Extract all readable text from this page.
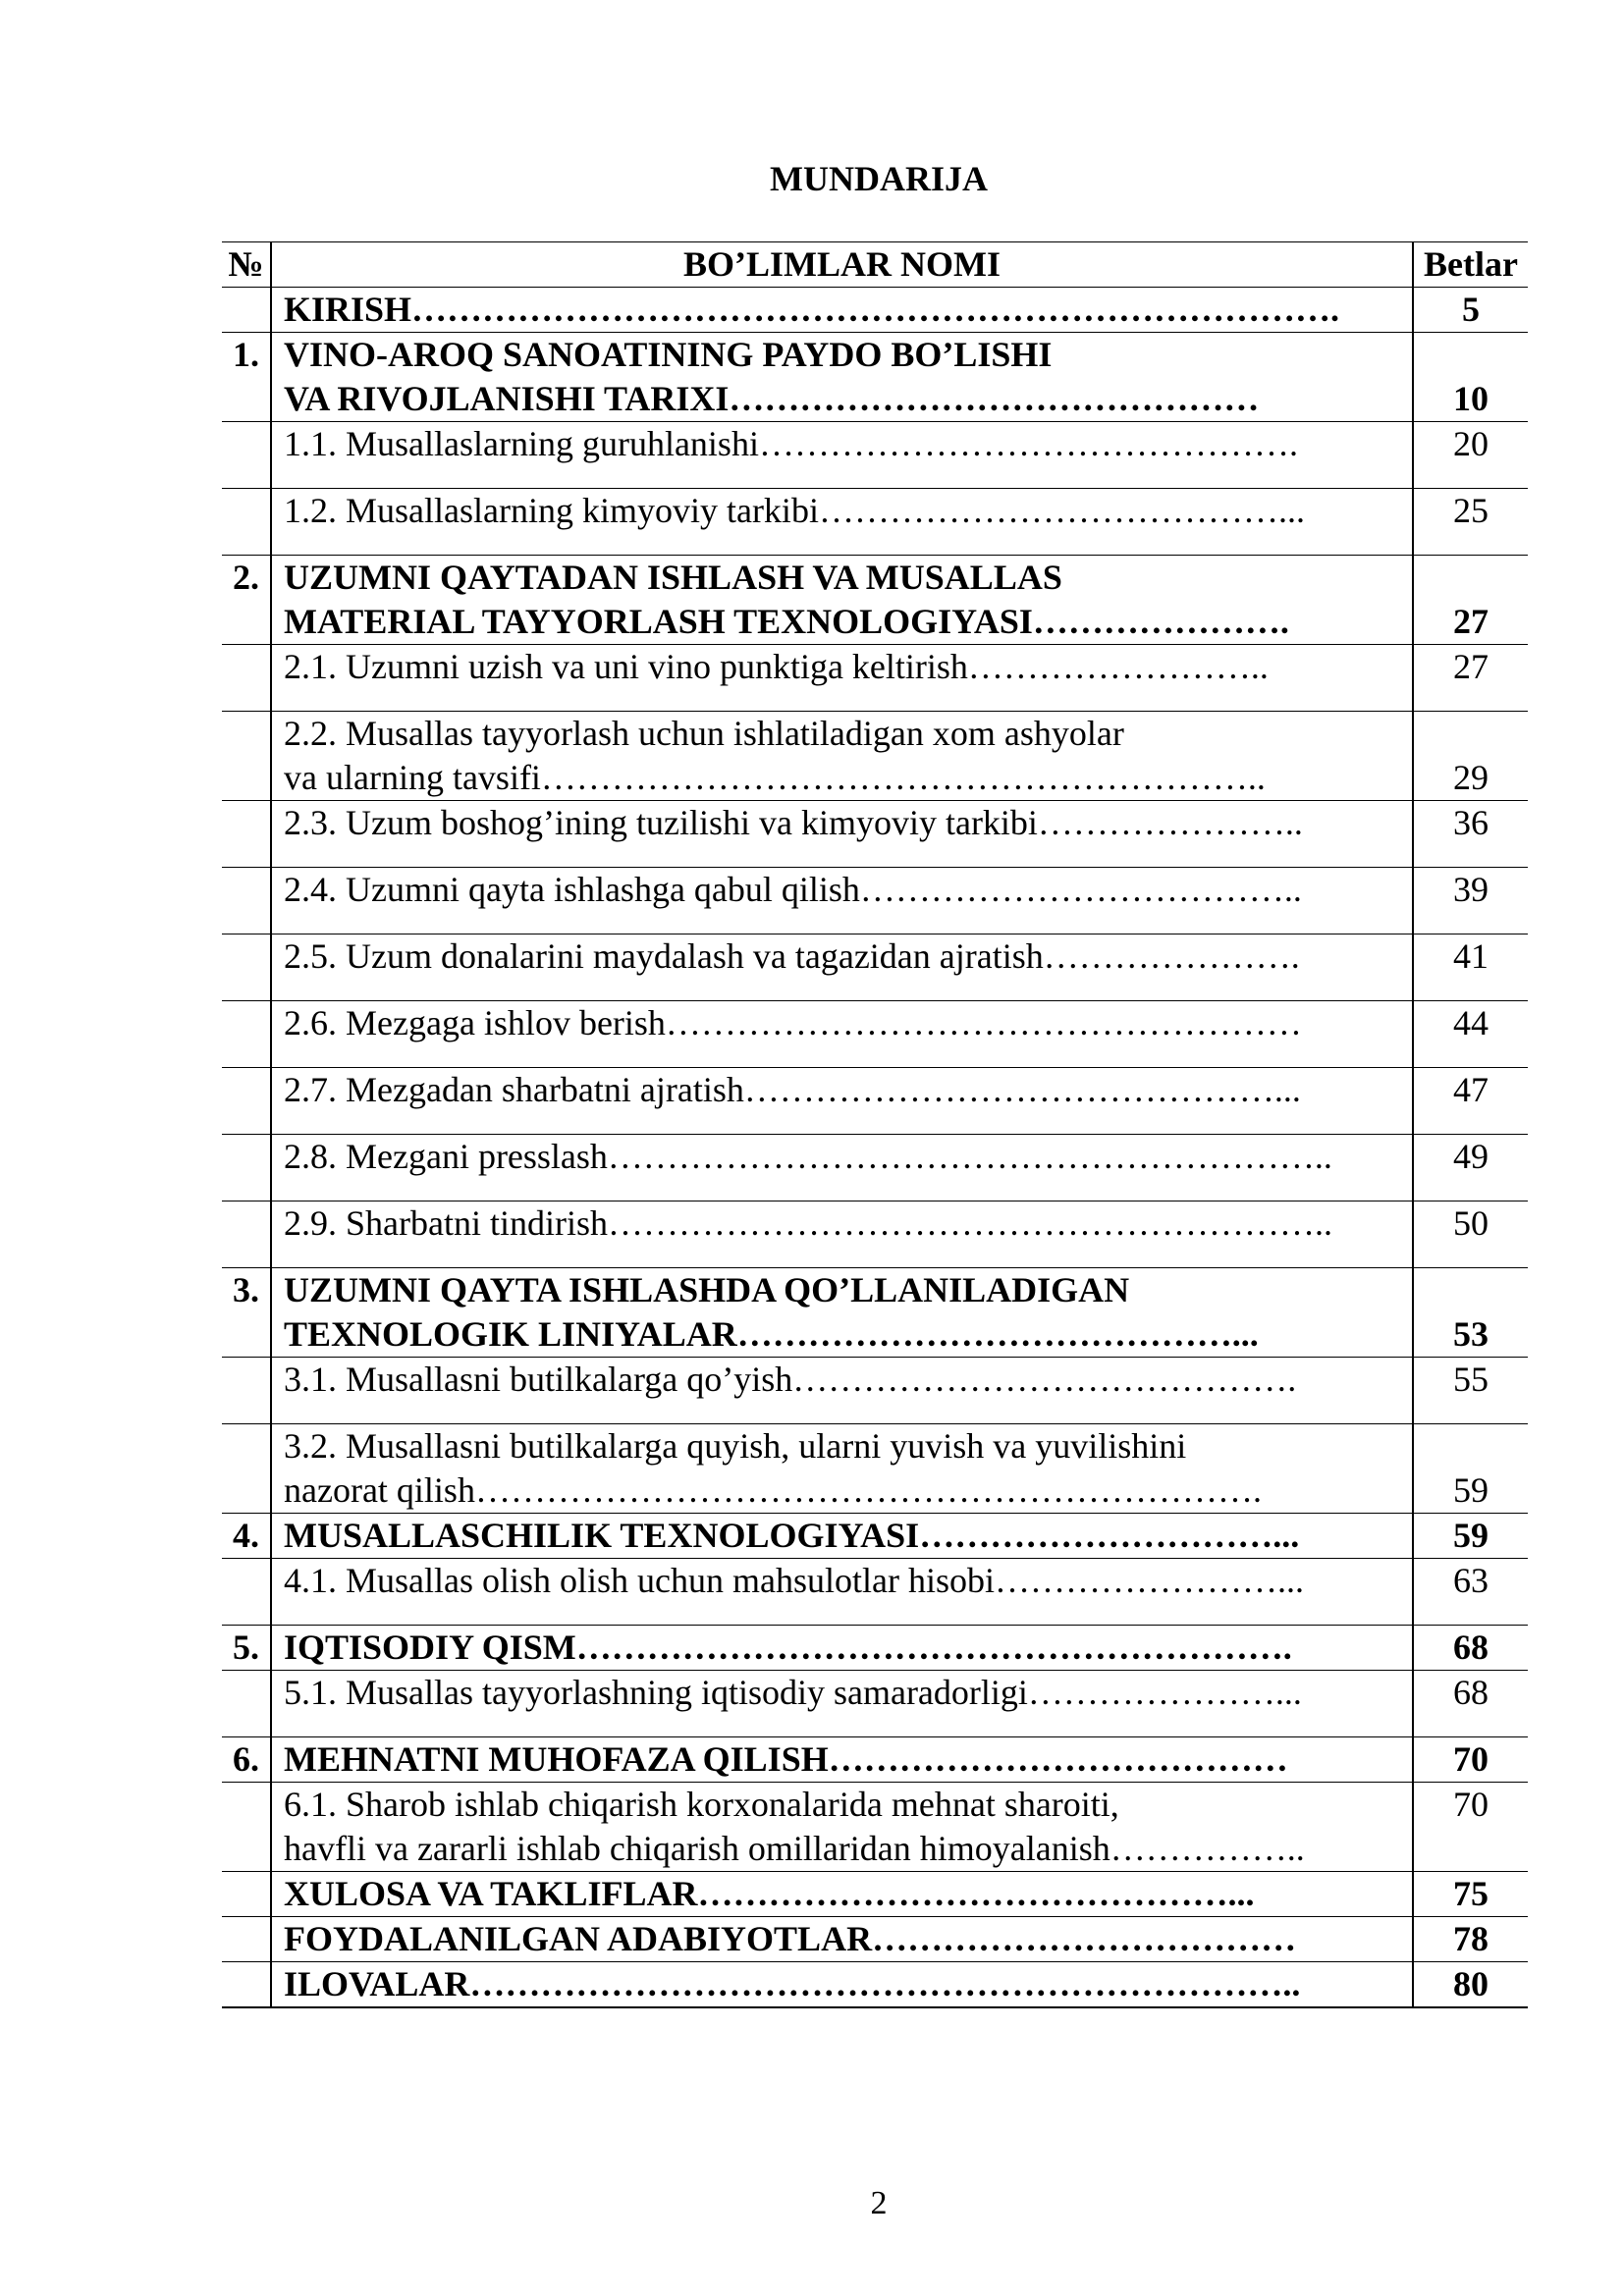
MUNDARIJA
№	BO’LIMLAR NOMI	Betlar
	KIRISH…………………………………………………………………….	5
1.	VINO-AROQ SANOATINING PAYDO BO’LISHI
VA RIVOJLANISHI TARIXI………………………………………	10
	1.1. Musallaslarning guruhlanishi……………………………………….	20
	1.2. Musallaslarning kimyoviy tarkibi…………………………………...	25
2.	UZUMNI QAYTADAN ISHLASH VA MUSALLAS
MATERIAL TAYYORLASH TEXNOLOGIYASI………………….	27
	2.1. Uzumni uzish va uni vino punktiga keltirish……………………..	27

	2.2. Musallas tayyorlash uchun ishlatiladigan xom ashyolar
va ularning tavsifi……………………………………………………..	29
	2.3. Uzum boshog’ining tuzilishi va kimyoviy tarkibi…………………..	36
	2.4. Uzumni qayta ishlashga qabul qilish………………………………..	39
	2.5. Uzum donalarini maydalash va tagazidan ajratish………………….	41
	2.6. Mezgaga ishlov berish………………………………………………	44
	2.7. Mezgadan sharbatni ajratish………………………………………...	47
	2.8. Mezgani presslash……………………………………………………..	49
	2.9. Sharbatni tindirish……………………………………………………..	50
3.	UZUMNI QAYTA ISHLASHDA QO’LLANILADIGAN
TEXNOLOGIK LINIYALAR……………………………………...	53
	3.1. Musallasni butilkalarga qo’yish…………………………………….	55

	3.2. Musallasni butilkalarga quyish, ularni yuvish va yuvilishini
nazorat qilish………………………………………………………….	59
4.	MUSALLASCHILIK TEXNOLOGIYASI…………………………...	59
	4.1. Musallas olish olish uchun mahsulotlar hisobi……………………...	63
5.	IQTISODIY QISM…………………………………………………….	68
	5.1. Musallas tayyorlashning iqtisodiy samaradorligi…………………...	68
6.	MEHNATNI MUHOFAZA QILISH…………………………………	70

	6.1. Sharob ishlab chiqarish korxonalarida mehnat sharoiti,
havfli va zararli ishlab chiqarish omillaridan himoyalanish……………..	70
	XULOSA VA TAKLIFLAR………………………………………...	75
	FOYDALANILGAN ADABIYOTLAR………………………………	78
	ILOVALAR……………………………………………………………..	80
2
